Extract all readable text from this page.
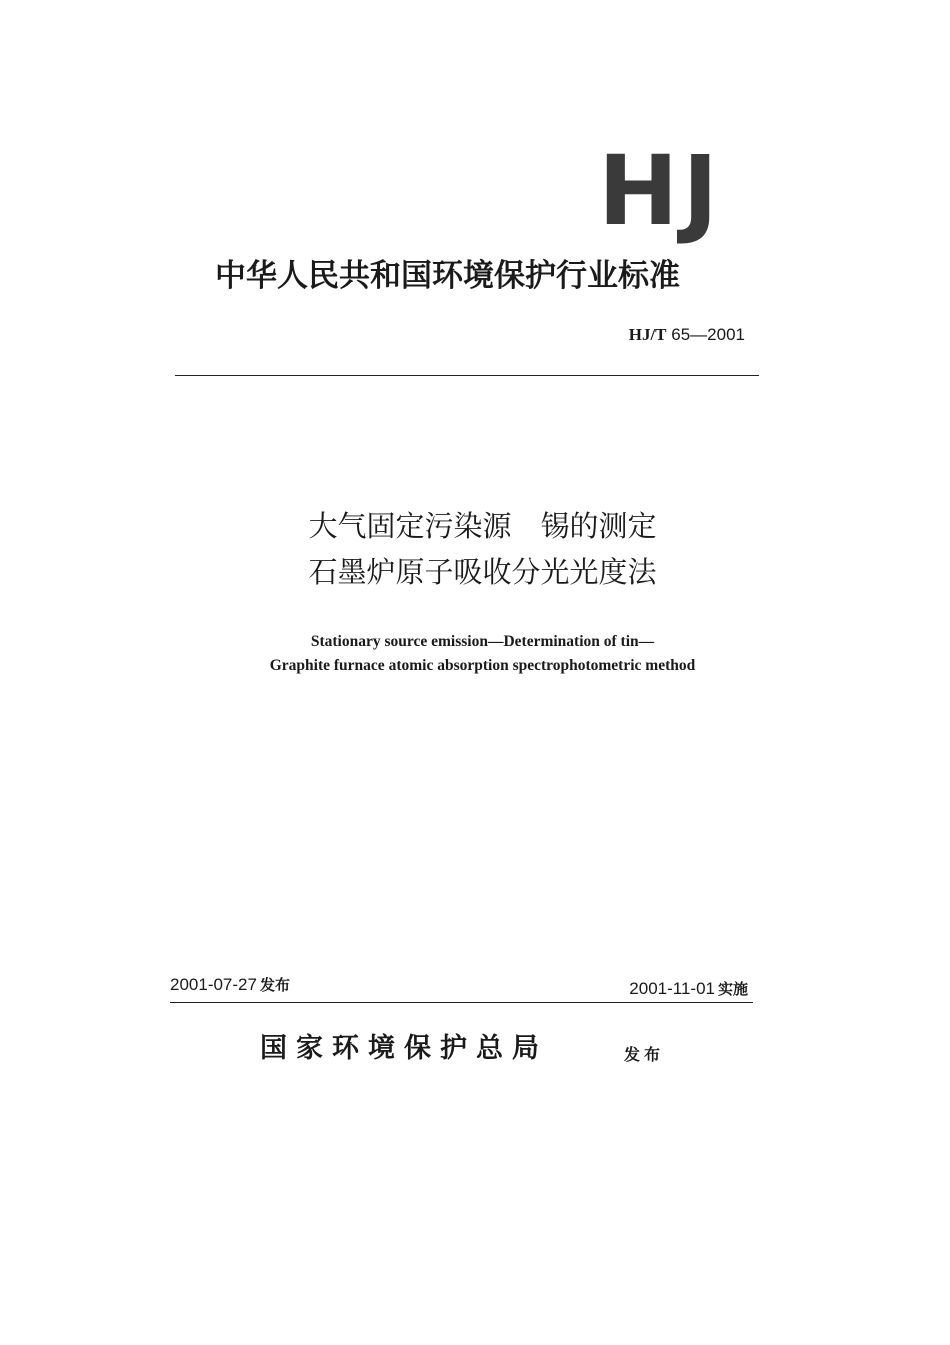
HJ
中华人民共和国环境保护行业标准
HJ/T 65—2001
大气固定污染源　锡的测定
石墨炉原子吸收分光光度法
Stationary source emission—Determination of tin—
Graphite furnace atomic absorption spectrophotometric method
2001-07-27 发布	2001-11-01 实施
国家环境保护总局	发布
